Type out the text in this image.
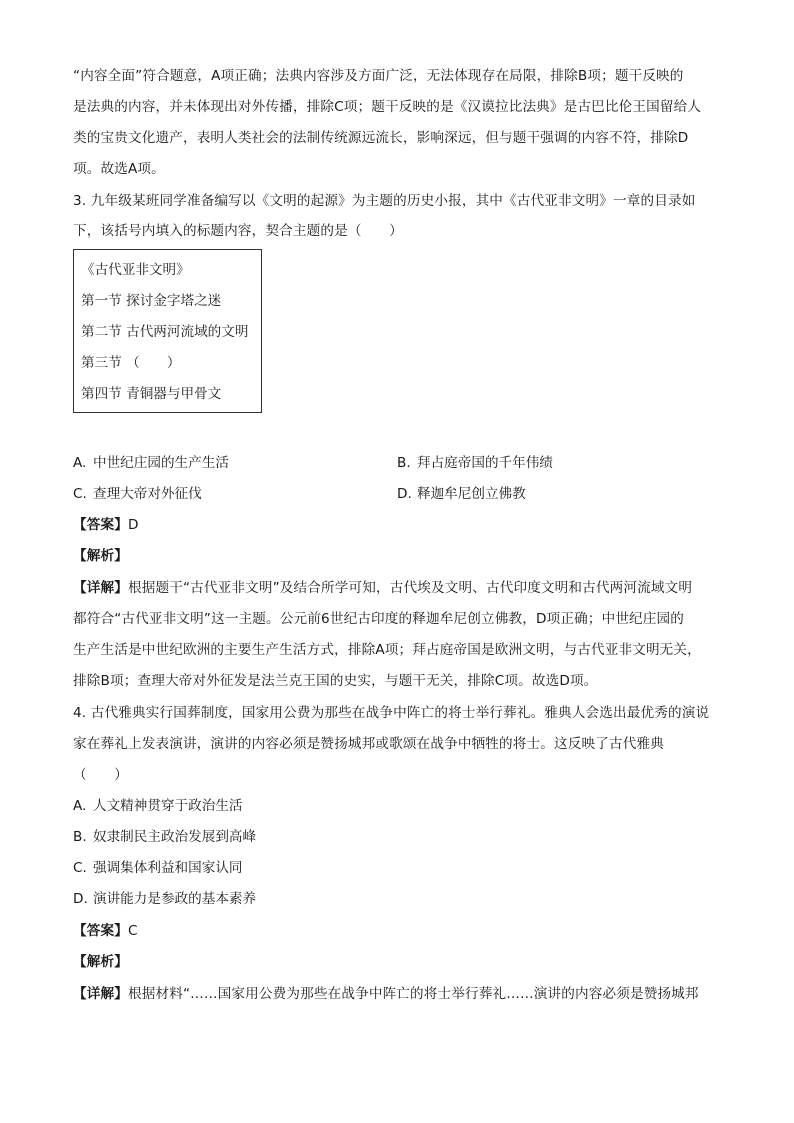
“内容全面”符合题意，A项正确；法典内容涉及方面广泛，无法体现存在局限，排除B项；题干反映的
是法典的内容，并未体现出对外传播，排除C项；题干反映的是《汉谟拉比法典》是古巴比伦王国留给人
类的宝贵文化遗产，表明人类社会的法制传统源远流长，影响深远，但与题干强调的内容不符，排除D
项。故选A项。
3. 九年级某班同学准备编写以《文明的起源》为主题的历史小报，其中《古代亚非文明》一章的目录如
下，该括号内填入的标题内容，契合主题的是（　　）
《古代亚非文明》
第一节 探讨金字塔之迷
第二节 古代两河流域的文明
第三节 （　　）
第四节 青铜器与甲骨文
A. 中世纪庄园的生产生活	B. 拜占庭帝国的千年伟绩
C. 查理大帝对外征伐	D. 释迦牟尼创立佛教
【答案】D
【解析】
【详解】根据题干“古代亚非文明”及结合所学可知，古代埃及文明、古代印度文明和古代两河流域文明
都符合“古代亚非文明”这一主题。公元前6世纪古印度的释迦牟尼创立佛教，D项正确；中世纪庄园的
生产生活是中世纪欧洲的主要生产生活方式，排除A项；拜占庭帝国是欧洲文明，与古代亚非文明无关，
排除B项；查理大帝对外征发是法兰克王国的史实，与题干无关，排除C项。故选D项。
4. 古代雅典实行国葬制度，国家用公费为那些在战争中阵亡的将士举行葬礼。雅典人会选出最优秀的演说
家在葬礼上发表演讲，演讲的内容必须是赞扬城邦或歌颂在战争中牺牲的将士。这反映了古代雅典
（　　）
A. 人文精神贯穿于政治生活
B. 奴隶制民主政治发展到高峰
C. 强调集体利益和国家认同
D. 演讲能力是参政的基本素养
【答案】C
【解析】
【详解】根据材料“……国家用公费为那些在战争中阵亡的将士举行葬礼……演讲的内容必须是赞扬城邦
